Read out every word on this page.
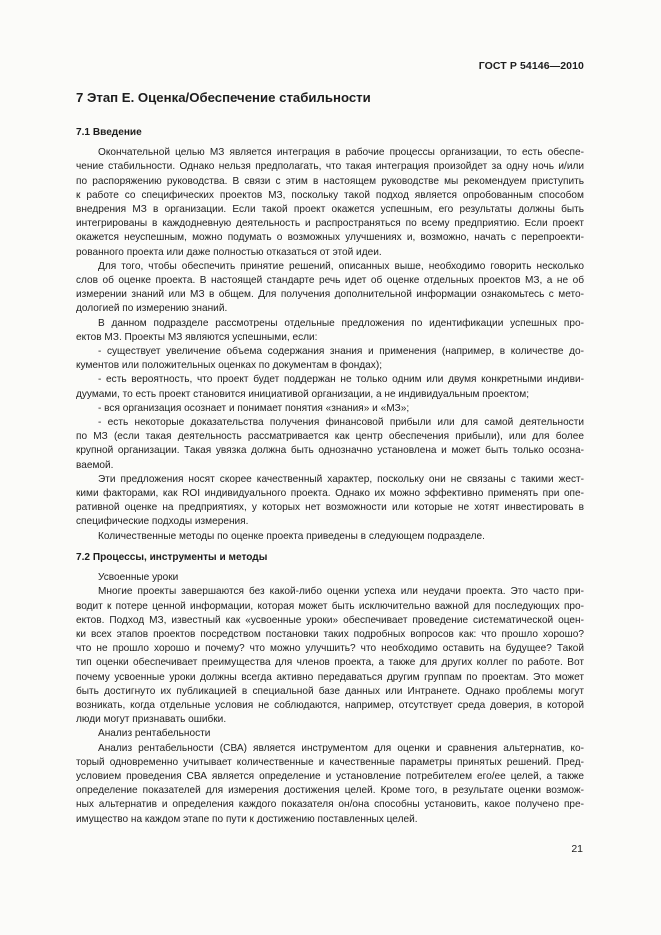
ГОСТ Р 54146—2010
7 Этап Е. Оценка/Обеспечение стабильности

7.1 Введение

Окончательной целью МЗ является интеграция в рабочие процессы организации, то есть обеспе-
чение стабильности. Однако нельзя предполагать, что такая интеграция произойдет за одну ночь и/или
по распоряжению руководства. В связи с этим в настоящем руководстве мы рекомендуем приступить
к работе со специфических проектов МЗ, поскольку такой подход является опробованным способом
внедрения МЗ в организации. Если такой проект окажется успешным, его результаты должны быть
интегрированы в каждодневную деятельность и распространяться по всему предприятию. Если проект
окажется неуспешным, можно подумать о возможных улучшениях и, возможно, начать с перепроекти-
рованного проекта или даже полностью отказаться от этой идеи.
Для того, чтобы обеспечить принятие решений, описанных выше, необходимо говорить несколько
слов об оценке проекта. В настоящей стандарте речь идет об оценке отдельных проектов МЗ, а не об
измерении знаний или МЗ в общем. Для получения дополнительной информации ознакомьтесь с мето-
дологией по измерению знаний.
В данном подразделе рассмотрены отдельные предложения по идентификации успешных про-
ектов МЗ. Проекты МЗ являются успешными, если:
- существует увеличение объема содержания знания и применения (например, в количестве до-
кументов или положительных оценках по документам в фондах);
- есть вероятность, что проект будет поддержан не только одним или двумя конкретными индиви-
дуумами, то есть проект становится инициативой организации, а не индивидуальным проектом;
- вся организация осознает и понимает понятия «знания» и «МЗ»;
- есть некоторые доказательства получения финансовой прибыли или для самой деятельности
по МЗ (если такая деятельность рассматривается как центр обеспечения прибыли), или для более
крупной организации. Такая увязка должна быть однозначно установлена и может быть только осозна-
ваемой.
Эти предложения носят скорее качественный характер, поскольку они не связаны с такими жест-
кими факторами, как ROI индивидуального проекта. Однако их можно эффективно применять при опе-
ративной оценке на предприятиях, у которых нет возможности или которые не хотят инвестировать в
специфические подходы измерения.
Количественные методы по оценке проекта приведены в следующем подразделе.

7.2 Процессы, инструменты и методы

Усвоенные уроки
Многие проекты завершаются без какой-либо оценки успеха или неудачи проекта. Это часто при-
водит к потере ценной информации, которая может быть исключительно важной для последующих про-
ектов. Подход МЗ, известный как «усвоенные уроки» обеспечивает проведение систематической оцен-
ки всех этапов проектов посредством постановки таких подробных вопросов как: что прошло хорошо?
что не прошло хорошо и почему? что можно улучшить? что необходимо оставить на будущее? Такой
тип оценки обеспечивает преимущества для членов проекта, а также для других коллег по работе. Вот
почему усвоенные уроки должны всегда активно передаваться другим группам по проектам. Это может
быть достигнуто их публикацией в специальной базе данных или Интранете. Однако проблемы могут
возникать, когда отдельные условия не соблюдаются, например, отсутствует среда доверия, в которой
люди могут признавать ошибки.
Анализ рентабельности
Анализ рентабельности (СВА) является инструментом для оценки и сравнения альтернатив, ко-
торый одновременно учитывает количественные и качественные параметры принятых решений. Пред-
условием проведения СВА является определение и установление потребителем его/ее целей, а также
определение показателей для измерения достижения целей. Кроме того, в результате оценки возмож-
ных альтернатив и определения каждого показателя он/она способны установить, какое получено пре-
имущество на каждом этапе по пути к достижению поставленных целей.
21
